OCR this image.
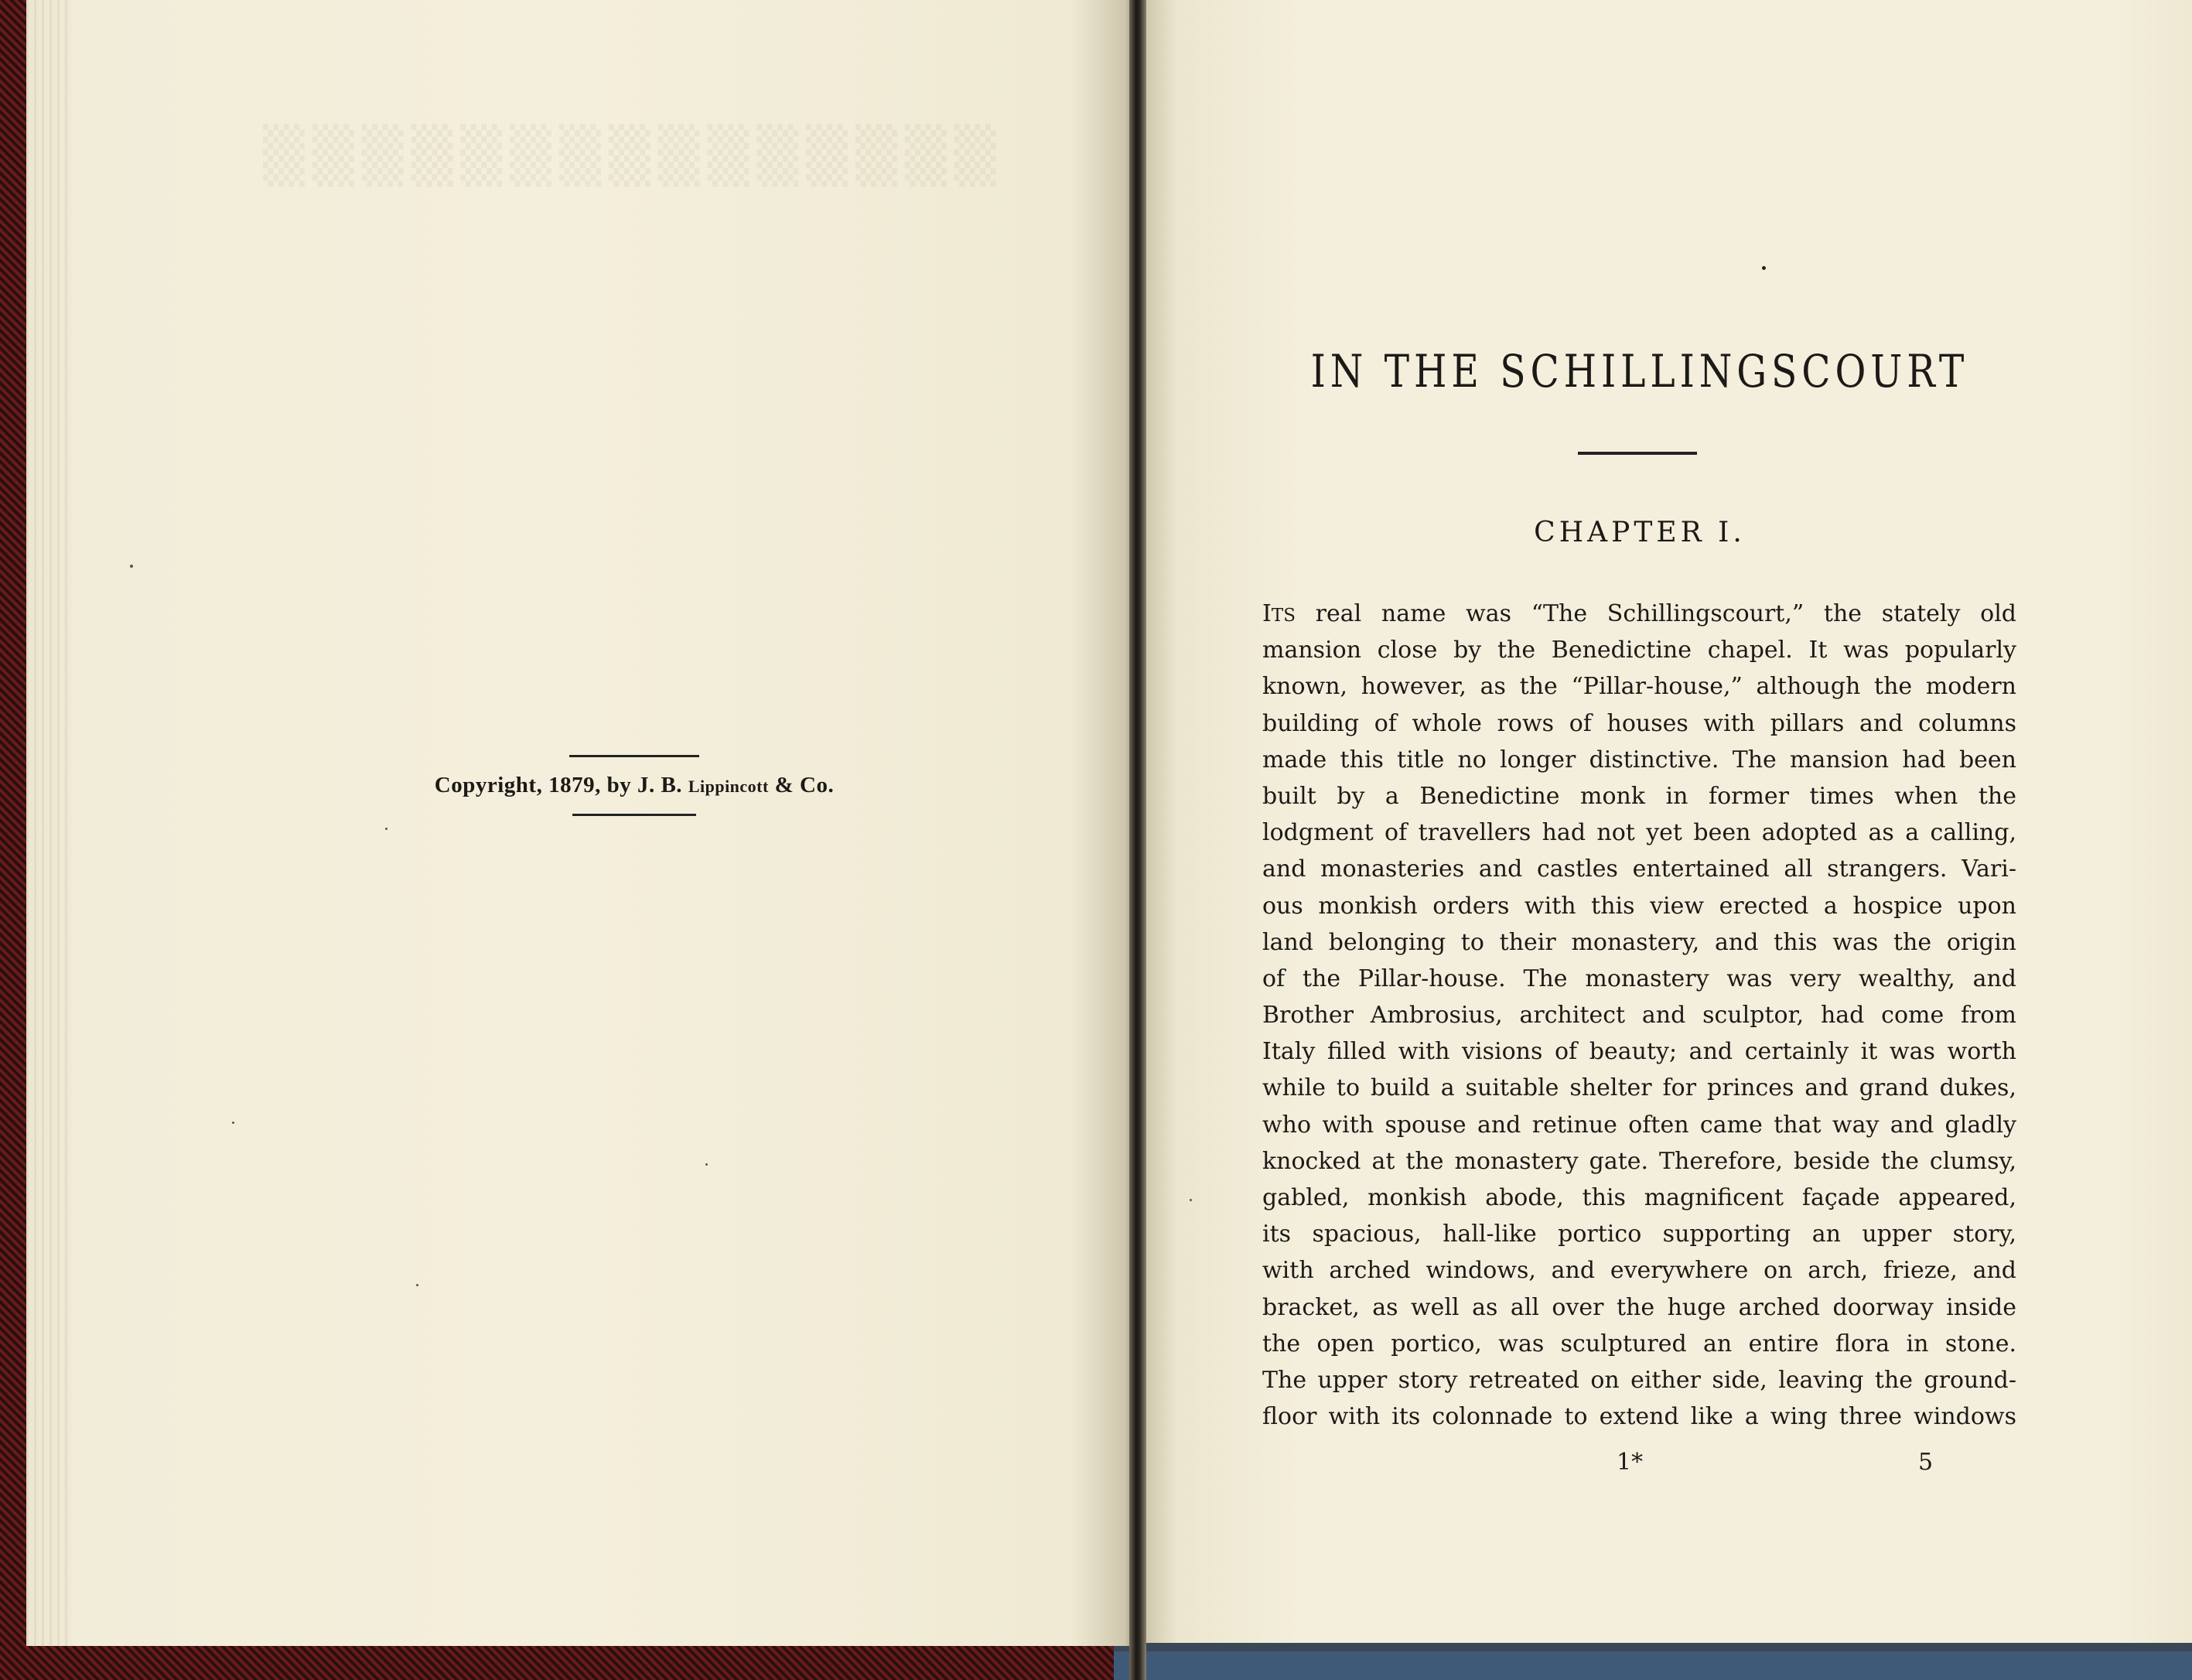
▒▒▒▒▒▒▒▒▒▒▒▒▒▒▒
Copyright, 1879, by J. B. Lippincott & Co.
IN THE SCHILLINGSCOURT
CHAPTER I.
ITS real name was “The Schillingscourt,” the stately old
mansion close by the Benedictine chapel. It was popularly
known, however, as the “Pillar-house,” although the modern
building of whole rows of houses with pillars and columns
made this title no longer distinctive. The mansion had been
built by a Benedictine monk in former times when the
lodgment of travellers had not yet been adopted as a calling,
and monasteries and castles entertained all strangers. Vari-
ous monkish orders with this view erected a hospice upon
land belonging to their monastery, and this was the origin
of the Pillar-house. The monastery was very wealthy, and
Brother Ambrosius, architect and sculptor, had come from
Italy filled with visions of beauty; and certainly it was worth
while to build a suitable shelter for princes and grand dukes,
who with spouse and retinue often came that way and gladly
knocked at the monastery gate. Therefore, beside the clumsy,
gabled, monkish abode, this magnificent façade appeared,
its spacious, hall-like portico supporting an upper story,
with arched windows, and everywhere on arch, frieze, and
bracket, as well as all over the huge arched doorway inside
the open portico, was sculptured an entire flora in stone.
The upper story retreated on either side, leaving the ground-
floor with its colonnade to extend like a wing three windows
1*	5
